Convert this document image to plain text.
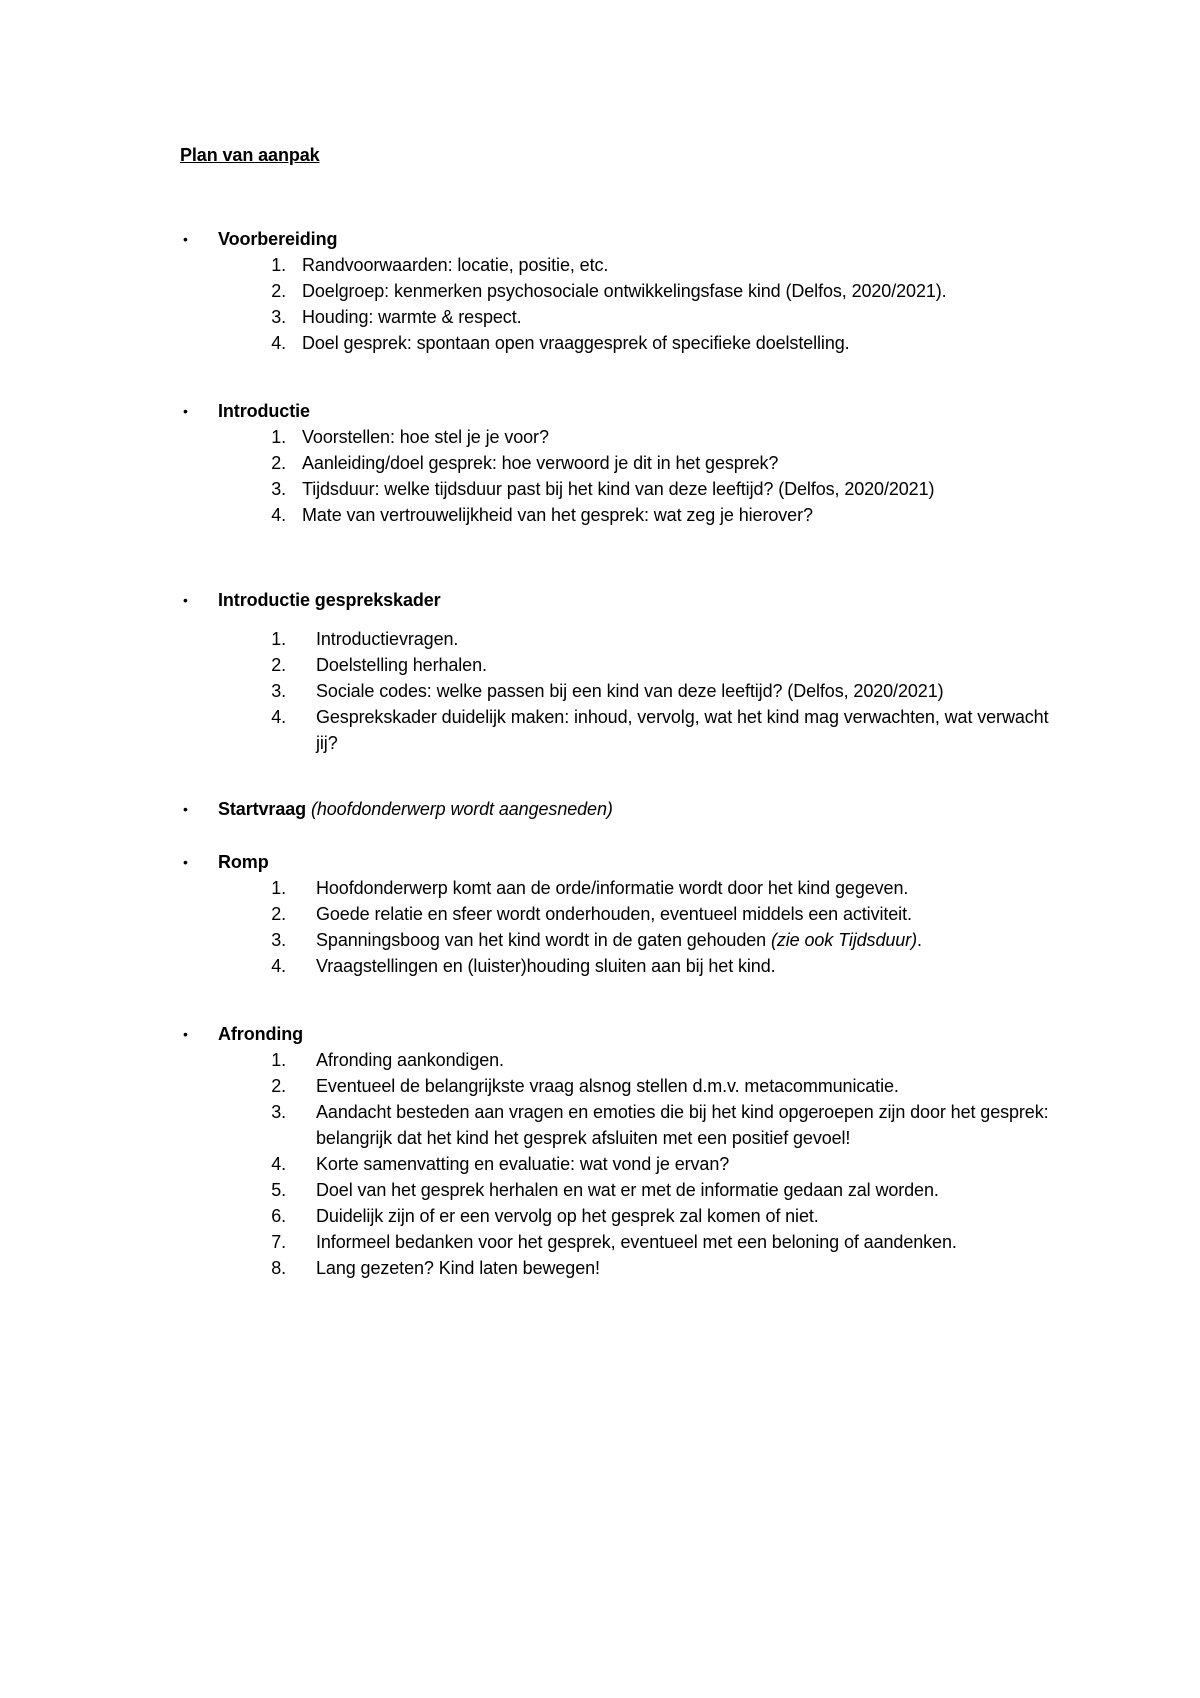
Plan van aanpak
• Voorbereiding
1. Randvoorwaarden: locatie, positie, etc.
2. Doelgroep: kenmerken psychosociale ontwikkelingsfase kind (Delfos, 2020/2021).
3. Houding: warmte & respect.
4. Doel gesprek: spontaan open vraaggesprek of specifieke doelstelling.
• Introductie
1. Voorstellen: hoe stel je je voor?
2. Aanleiding/doel gesprek: hoe verwoord je dit in het gesprek?
3. Tijdsduur: welke tijdsduur past bij het kind van deze leeftijd? (Delfos, 2020/2021)
4. Mate van vertrouwelijkheid van het gesprek: wat zeg je hierover?
• Introductie gesprekskader
1. Introductievragen.
2. Doelstelling herhalen.
3. Sociale codes: welke passen bij een kind van deze leeftijd? (Delfos, 2020/2021)
4. Gesprekskader duidelijk maken: inhoud, vervolg, wat het kind mag verwachten, wat verwacht jij?
• Startvraag (hoofdonderwerp wordt aangesneden)
• Romp
1. Hoofdonderwerp komt aan de orde/informatie wordt door het kind gegeven.
2. Goede relatie en sfeer wordt onderhouden, eventueel middels een activiteit.
3. Spanningsboog van het kind wordt in de gaten gehouden (zie ook Tijdsduur).
4. Vraagstellingen en (luister)houding sluiten aan bij het kind.
• Afronding
1. Afronding aankondigen.
2. Eventueel de belangrijkste vraag alsnog stellen d.m.v. metacommunicatie.
3. Aandacht besteden aan vragen en emoties die bij het kind opgeroepen zijn door het gesprek: belangrijk dat het kind het gesprek afsluiten met een positief gevoel!
4. Korte samenvatting en evaluatie: wat vond je ervan?
5. Doel van het gesprek herhalen en wat er met de informatie gedaan zal worden.
6. Duidelijk zijn of er een vervolg op het gesprek zal komen of niet.
7. Informeel bedanken voor het gesprek, eventueel met een beloning of aandenken.
8. Lang gezeten? Kind laten bewegen!
